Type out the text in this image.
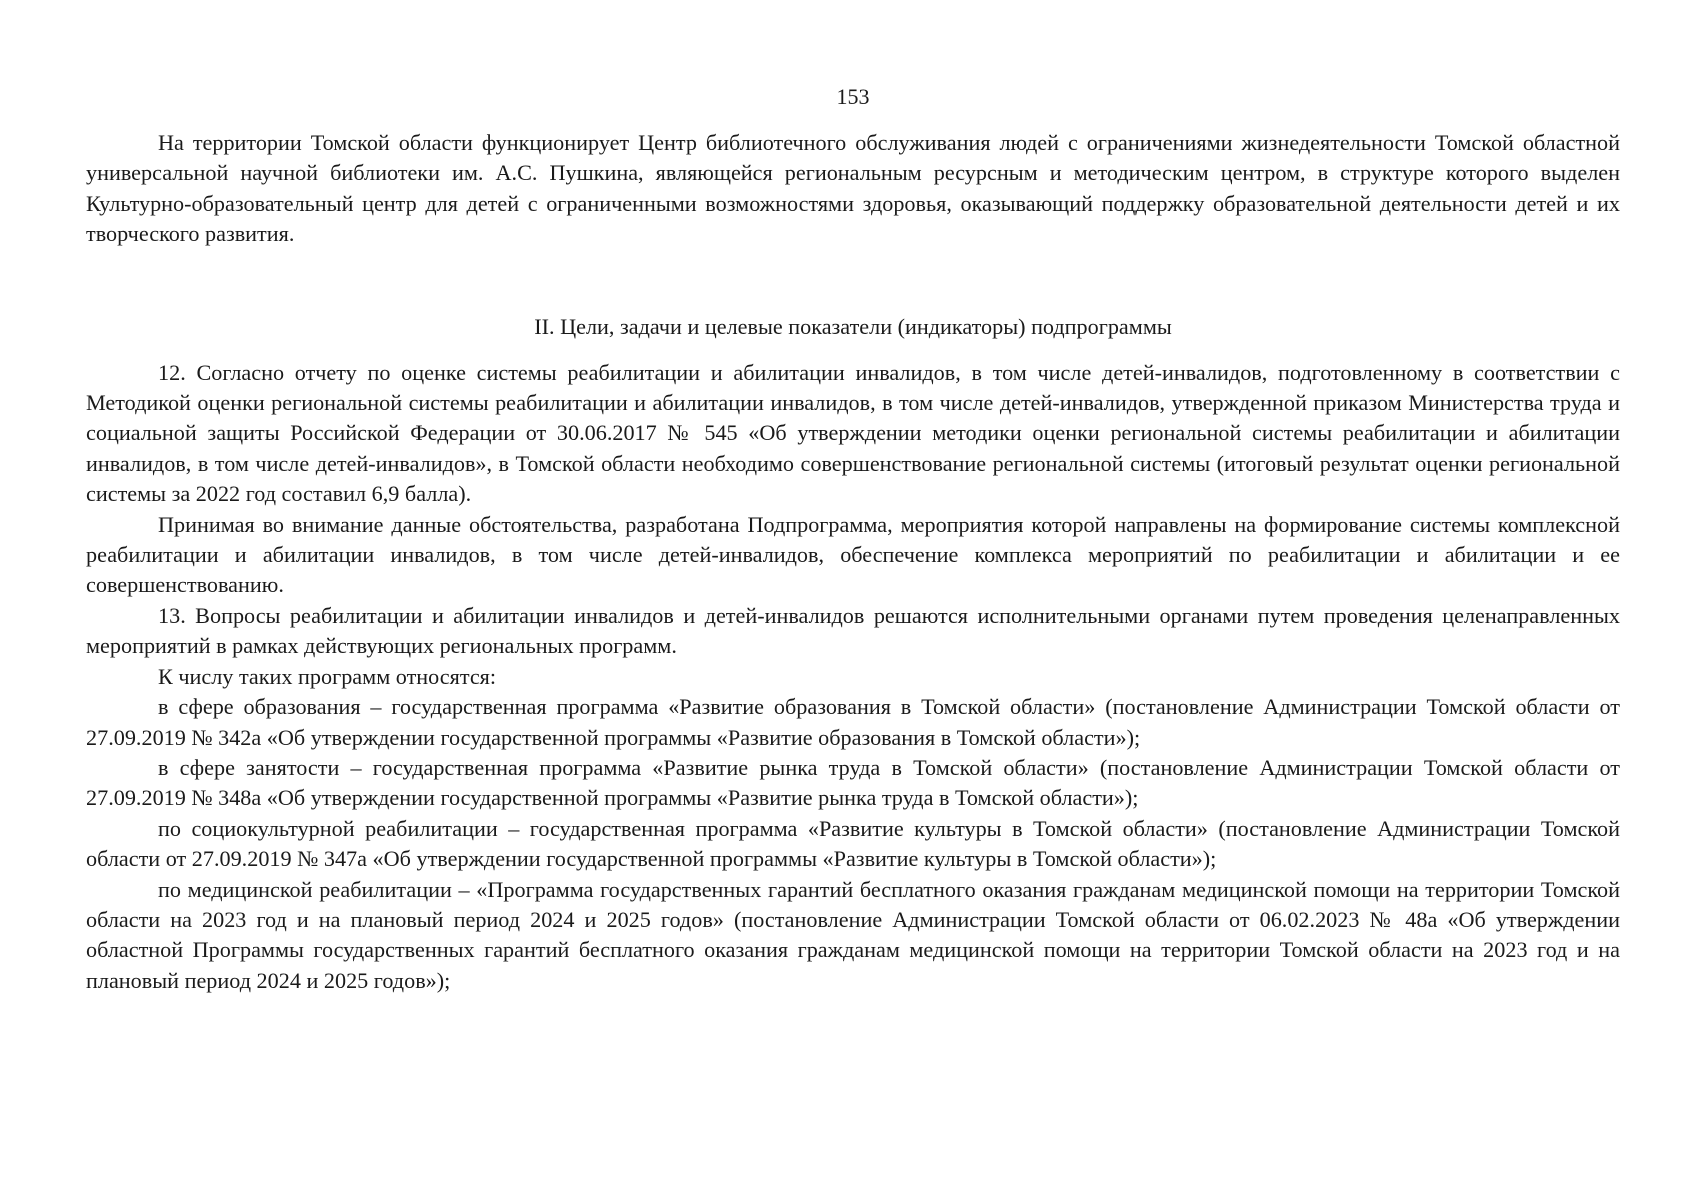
153

На территории Томской области функционирует Центр библиотечного обслуживания людей с ограничениями жизнедеятельности Томской областной универсальной научной библиотеки им. А.С. Пушкина, являющейся региональным ресурсным и методическим центром, в структуре которого выделен Культурно-образовательный центр для детей с ограниченными возможностями здоровья, оказывающий поддержку образовательной деятельности детей и их творческого развития.

II. Цели, задачи и целевые показатели (индикаторы) подпрограммы

12. Согласно отчету по оценке системы реабилитации и абилитации инвалидов, в том числе детей-инвалидов, подготовленному в соответствии с Методикой оценки региональной системы реабилитации и абилитации инвалидов, в том числе детей-инвалидов, утвержденной приказом Министерства труда и социальной защиты Российской Федерации от 30.06.2017 № 545 «Об утверждении методики оценки региональной системы реабилитации и абилитации инвалидов, в том числе детей-инвалидов», в Томской области необходимо совершенствование региональной системы (итоговый результат оценки региональной системы за 2022 год составил 6,9 балла).

Принимая во внимание данные обстоятельства, разработана Подпрограмма, мероприятия которой направлены на формирование системы комплексной реабилитации и абилитации инвалидов, в том числе детей-инвалидов, обеспечение комплекса мероприятий по реабилитации и абилитации и ее совершенствованию.

13. Вопросы реабилитации и абилитации инвалидов и детей-инвалидов решаются исполнительными органами путем проведения целенаправленных мероприятий в рамках действующих региональных программ.

К числу таких программ относятся:

в сфере образования – государственная программа «Развитие образования в Томской области» (постановление Администрации Томской области от 27.09.2019 № 342а «Об утверждении государственной программы «Развитие образования в Томской области»);

в сфере занятости – государственная программа «Развитие рынка труда в Томской области» (постановление Администрации Томской области от 27.09.2019 № 348а «Об утверждении государственной программы «Развитие рынка труда в Томской области»);

по социокультурной реабилитации – государственная программа «Развитие культуры в Томской области» (постановление Администрации Томской области от 27.09.2019 № 347а «Об утверждении государственной программы «Развитие культуры в Томской области»);

по медицинской реабилитации – «Программа государственных гарантий бесплатного оказания гражданам медицинской помощи на территории Томской области на 2023 год и на плановый период 2024 и 2025 годов» (постановление Администрации Томской области от 06.02.2023 № 48а «Об утверждении областной Программы государственных гарантий бесплатного оказания гражданам медицинской помощи на территории Томской области на 2023 год и на плановый период 2024 и 2025 годов»);
